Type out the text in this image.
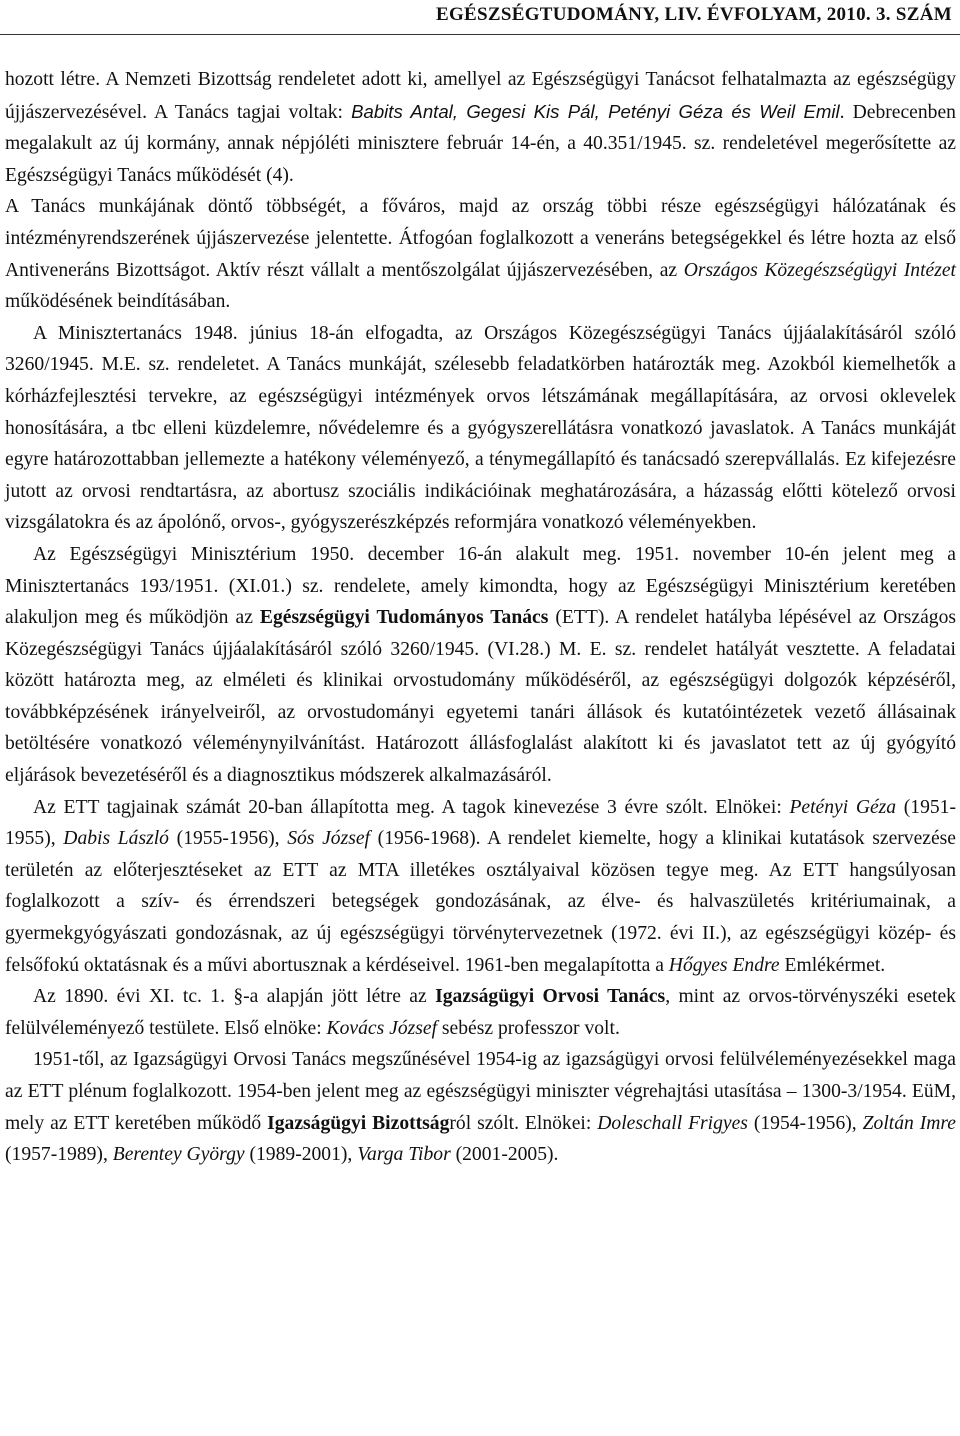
EGÉSZSÉGTUDOMÁNY, LIV. ÉVFOLYAM, 2010. 3. SZÁM

hozott létre. A Nemzeti Bizottság rendeletet adott ki, amellyel az Egészségügyi Tanácsot felhatalmazta az egészségügy újjászervezésével. A Tanács tagjai voltak: Babits Antal, Gegesi Kis Pál, Petényi Géza és Weil Emil. Debrecenben megalakult az új kormány, annak népjóléti minisztere február 14-én, a 40.351/1945. sz. rendeletével megerősítette az Egészségügyi Tanács működését (4).

A Tanács munkájának döntő többségét, a főváros, majd az ország többi része egészségügyi hálózatának és intézményrendszerének újjászervezése jelentette. Átfogóan foglalkozott a veneráns betegségekkel és létre hozta az első Antiveneráns Bizottságot. Aktív részt vállalt a mentőszolgálat újjászervezésében, az Országos Közegészségügyi Intézet működésének beindításában.

A Minisztertanács 1948. június 18-án elfogadta, az Országos Közegészségügyi Tanács újjáalakításáról szóló 3260/1945. M.E. sz. rendeletet. A Tanács munkáját, szélesebb feladatkörben határozták meg. Azokból kiemelhetők a kórházfejlesztési tervekre, az egészségügyi intézmények orvos létszámának megállapítására, az orvosi oklevelek honosítására, a tbc elleni küzdelemre, nővédelemre és a gyógyszerellátásra vonatkozó javaslatok. A Tanács munkáját egyre határozottabban jellemezte a hatékony véleményező, a ténymegállapító és tanácsadó szerepvállalás. Ez kifejezésre jutott az orvosi rendtartásra, az abortusz szociális indikációinak meghatározására, a házasság előtti kötelező orvosi vizsgálatokra és az ápolónő, orvos-, gyógyszerészképzés reformjára vonatkozó véleményekben.

Az Egészségügyi Minisztérium 1950. december 16-án alakult meg. 1951. november 10-én jelent meg a Minisztertanács 193/1951. (XI.01.) sz. rendelete, amely kimondta, hogy az Egészségügyi Minisztérium keretében alakuljon meg és működjön az Egészségügyi Tudományos Tanács (ETT). A rendelet hatályba lépésével az Országos Közegészségügyi Tanács újjáalakításáról szóló 3260/1945. (VI.28.) M. E. sz. rendelet hatályát vesztette. A feladatai között határozta meg, az elméleti és klinikai orvostudomány működéséről, az egészségügyi dolgozók képzéséről, továbbképzésének irányelveiről, az orvostudományi egyetemi tanári állások és kutatóintézetek vezető állásainak betöltésére vonatkozó véleménynyilvánítást. Határozott állásfoglalást alakított ki és javaslatot tett az új gyógyító eljárások bevezetéséről és a diagnosztikus módszerek alkalmazásáról.

Az ETT tagjainak számát 20-ban állapította meg. A tagok kinevezése 3 évre szólt. Elnökei: Petényi Géza (1951-1955), Dabis László (1955-1956), Sós József (1956-1968). A rendelet kiemelte, hogy a klinikai kutatások szervezése területén az előterjesztéseket az ETT az MTA illetékes osztályaival közösen tegye meg. Az ETT hangsúlyosan foglalkozott a szív- és érrendszeri betegségek gondozásának, az élve- és halvaszületés kritériumainak, a gyermekgyógyászati gondozásnak, az új egészségügyi törvénytervezetnek (1972. évi II.), az egészségügyi közép- és felsőfokú oktatásnak és a művi abortusznak a kérdéseivel. 1961-ben megalapította a Hőgyes Endre Emlékérmet.

Az 1890. évi XI. tc. 1. §-a alapján jött létre az Igazságügyi Orvosi Tanács, mint az orvos-törvényszéki esetek felülvéleményező testülete. Első elnöke: Kovács József sebész professzor volt.

1951-től, az Igazságügyi Orvosi Tanács megszűnésével 1954-ig az igazságügyi orvosi felülvéleményezésekkel maga az ETT plénum foglalkozott. 1954-ben jelent meg az egészségügyi miniszter végrehajtási utasítása – 1300-3/1954. EüM, mely az ETT keretében működő Igazságügyi Bizottságról szólt. Elnökei: Doleschall Frigyes (1954-1956), Zoltán Imre (1957-1989), Berentey György (1989-2001), Varga Tibor (2001-2005).
